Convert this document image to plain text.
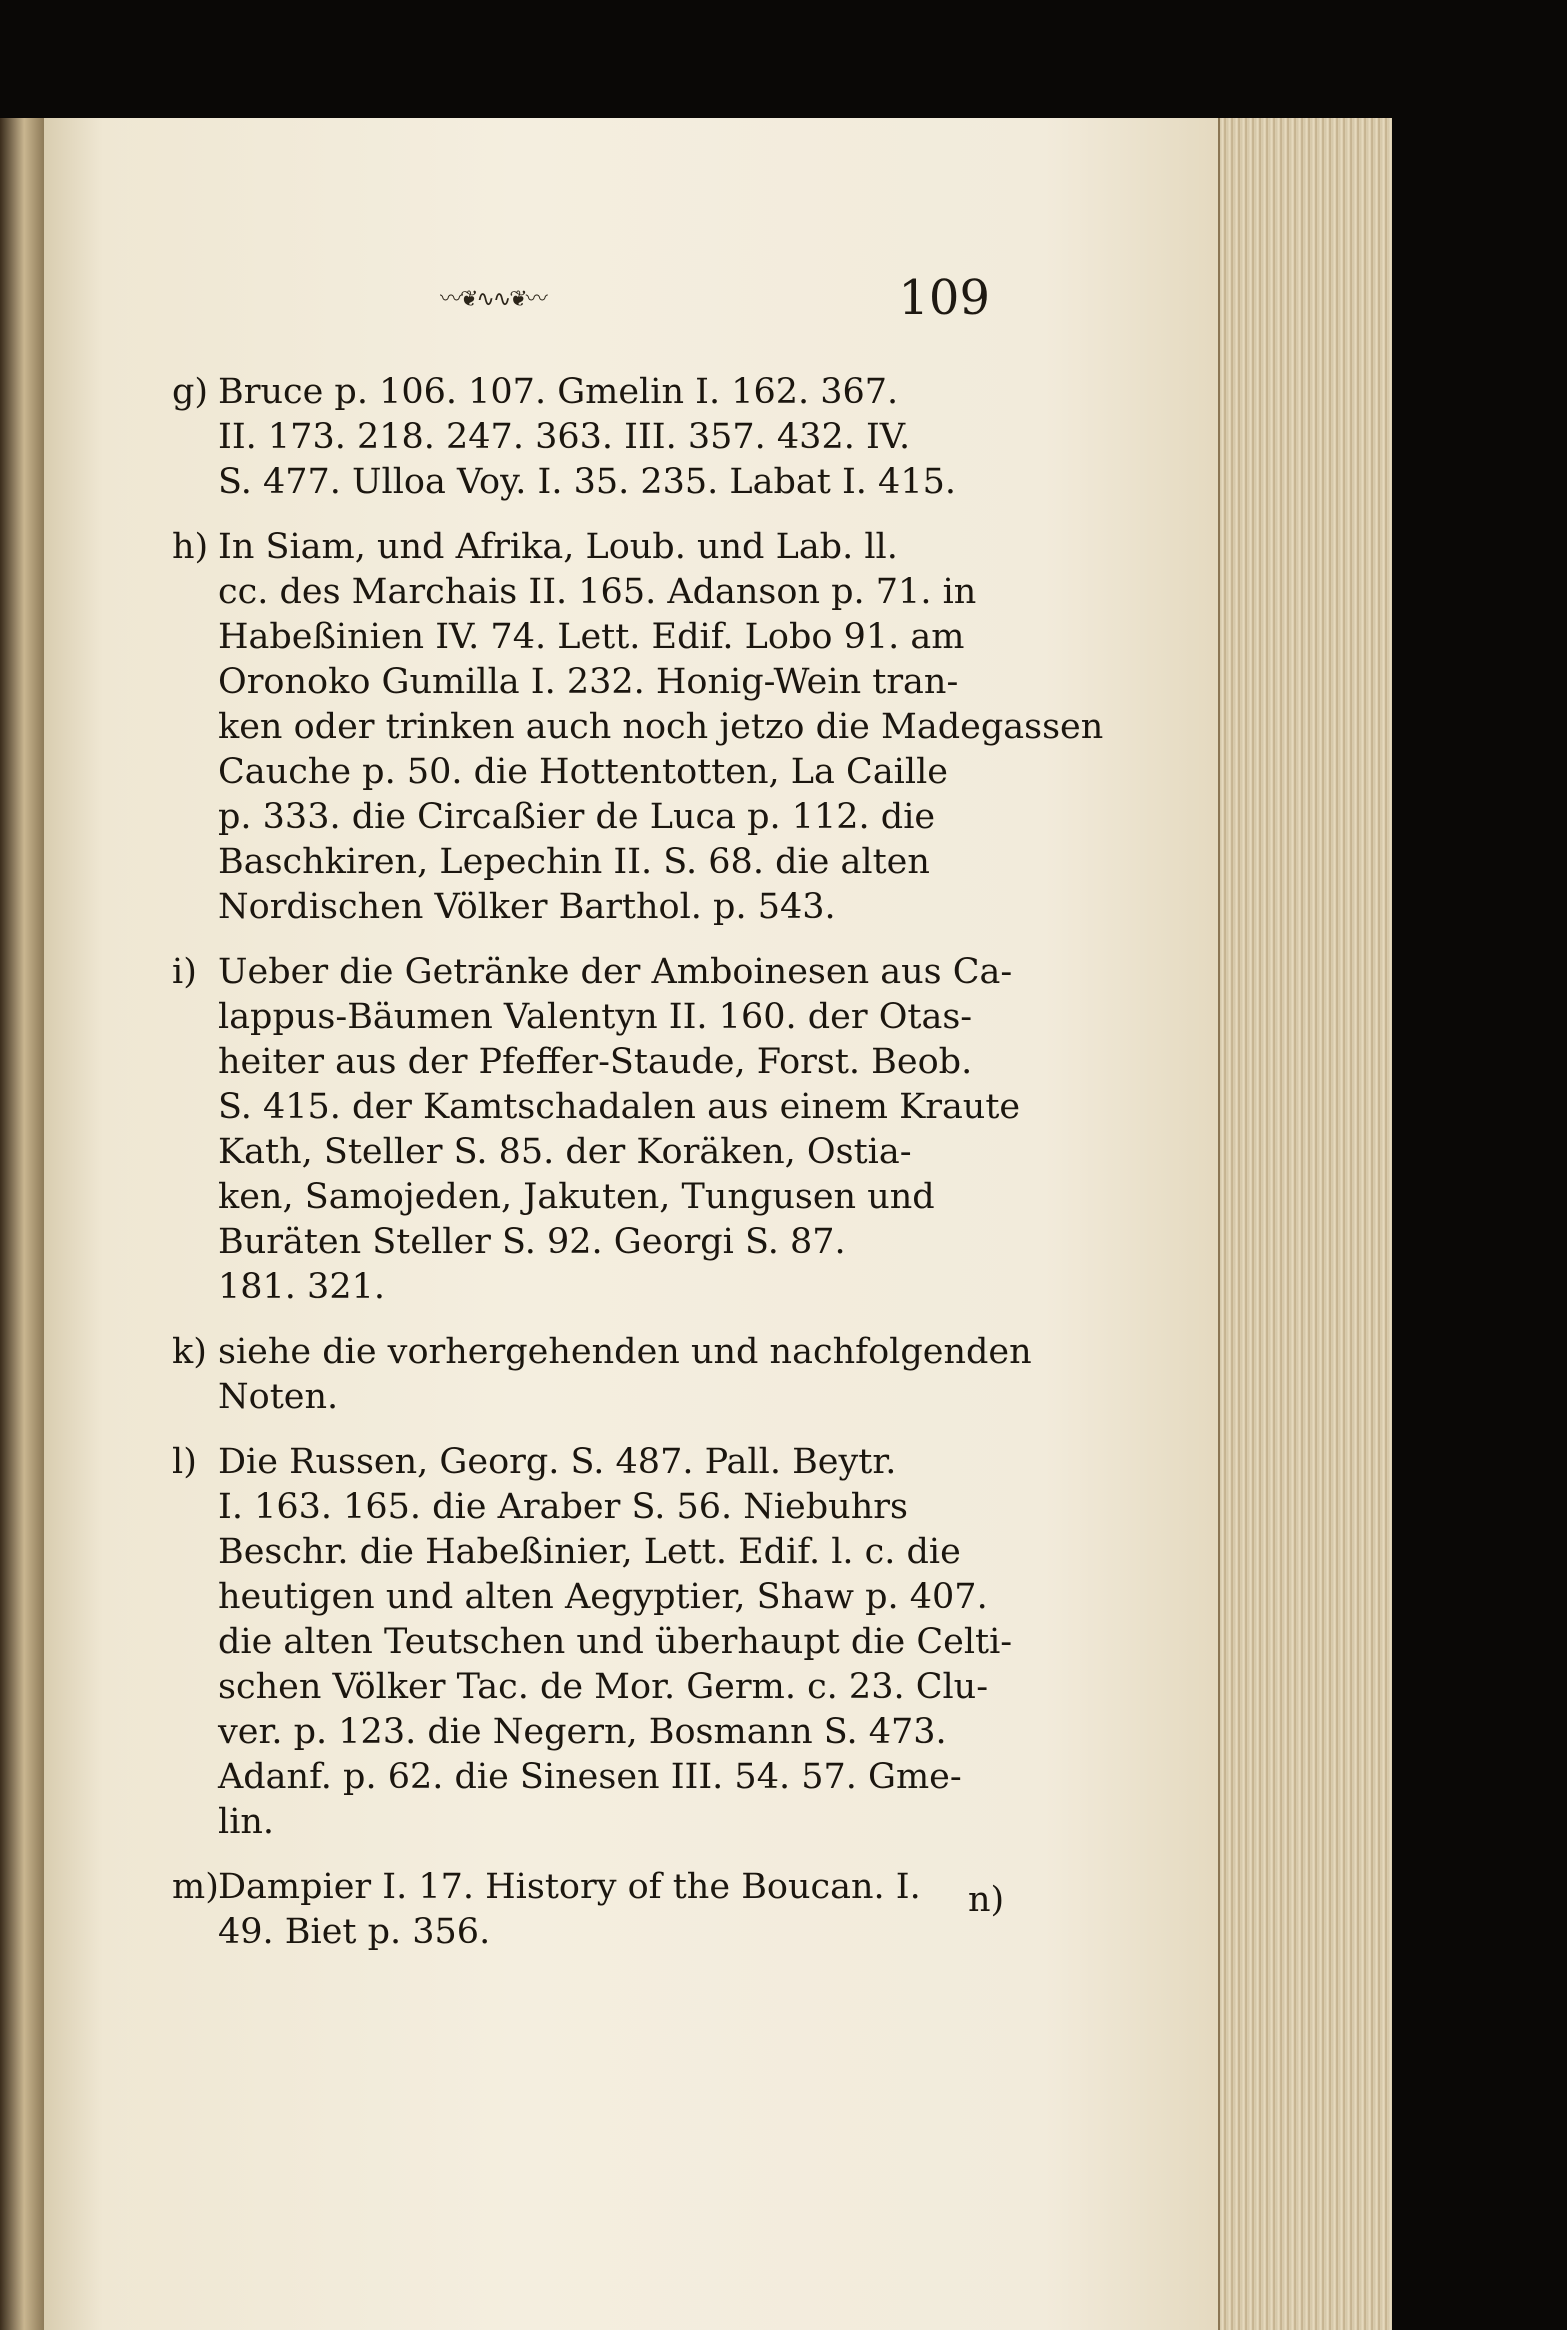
〰❦∿∿❦〰	109
g) Bruce p. 106. 107. Gmelin I. 162. 367.
II. 173. 218. 247. 363. III. 357. 432. IV.
S. 477. Ulloa Voy. I. 35. 235. Labat I. 415.
h) In Siam, und Afrika, Loub. und Lab. ll.
cc. des Marchais II. 165. Adanson p. 71. in
Habeßinien IV. 74. Lett. Edif. Lobo 91. am
Oronoko Gumilla I. 232. Honig-Wein tran-
ken oder trinken auch noch jetzo die Madegassen
Cauche p. 50. die Hottentotten, La Caille
p. 333. die Circaßier de Luca p. 112. die
Baschkiren, Lepechin II. S. 68. die alten
Nordischen Völker Barthol. p. 543.
i) Ueber die Getränke der Amboinesen aus Ca-
lappus-Bäumen Valentyn II. 160. der Otas-
heiter aus der Pfeffer-Staude, Forst. Beob.
S. 415. der Kamtschadalen aus einem Kraute
Kath, Steller S. 85. der Koräken, Ostia-
ken, Samojeden, Jakuten, Tungusen und
Buräten Steller S. 92. Georgi S. 87.
181. 321.
k) siehe die vorhergehenden und nachfolgenden
Noten.
l) Die Russen, Georg. S. 487. Pall. Beytr.
I. 163. 165. die Araber S. 56. Niebuhrs
Beschr. die Habeßinier, Lett. Edif. l. c. die
heutigen und alten Aegyptier, Shaw p. 407.
die alten Teutschen und überhaupt die Celti-
schen Völker Tac. de Mor. Germ. c. 23. Clu-
ver. p. 123. die Negern, Bosmann S. 473.
Adanf. p. 62. die Sinesen III. 54. 57. Gme-
lin.
m) Dampier I. 17. History of the Boucan. I.
49. Biet p. 356.
n)
